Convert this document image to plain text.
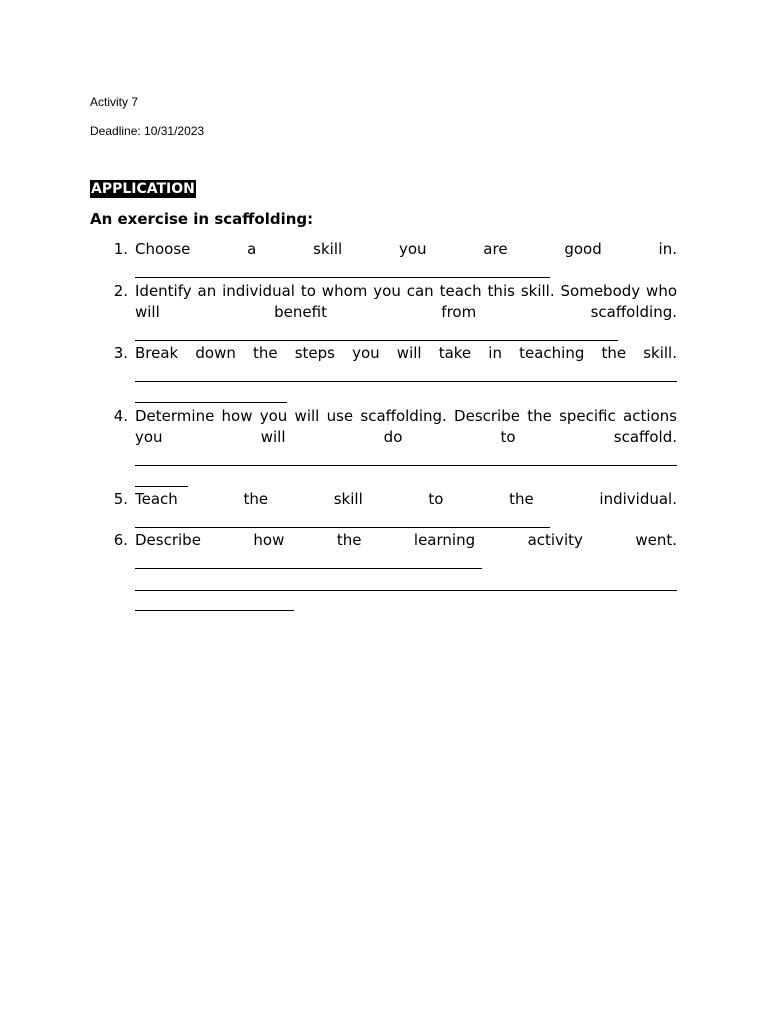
Activity 7
Deadline: 10/31/2023
APPLICATION
An exercise in scaffolding:
1. Choose a skill you are good in.
2. Identify an individual to whom you can teach this skill. Somebody who will benefit from scaffolding.
3. Break down the steps you will take in teaching the skill.
4. Determine how you will use scaffolding. Describe the specific actions you will do to scaffold.
5. Teach the skill to the individual.
6. Describe how the learning activity went.
